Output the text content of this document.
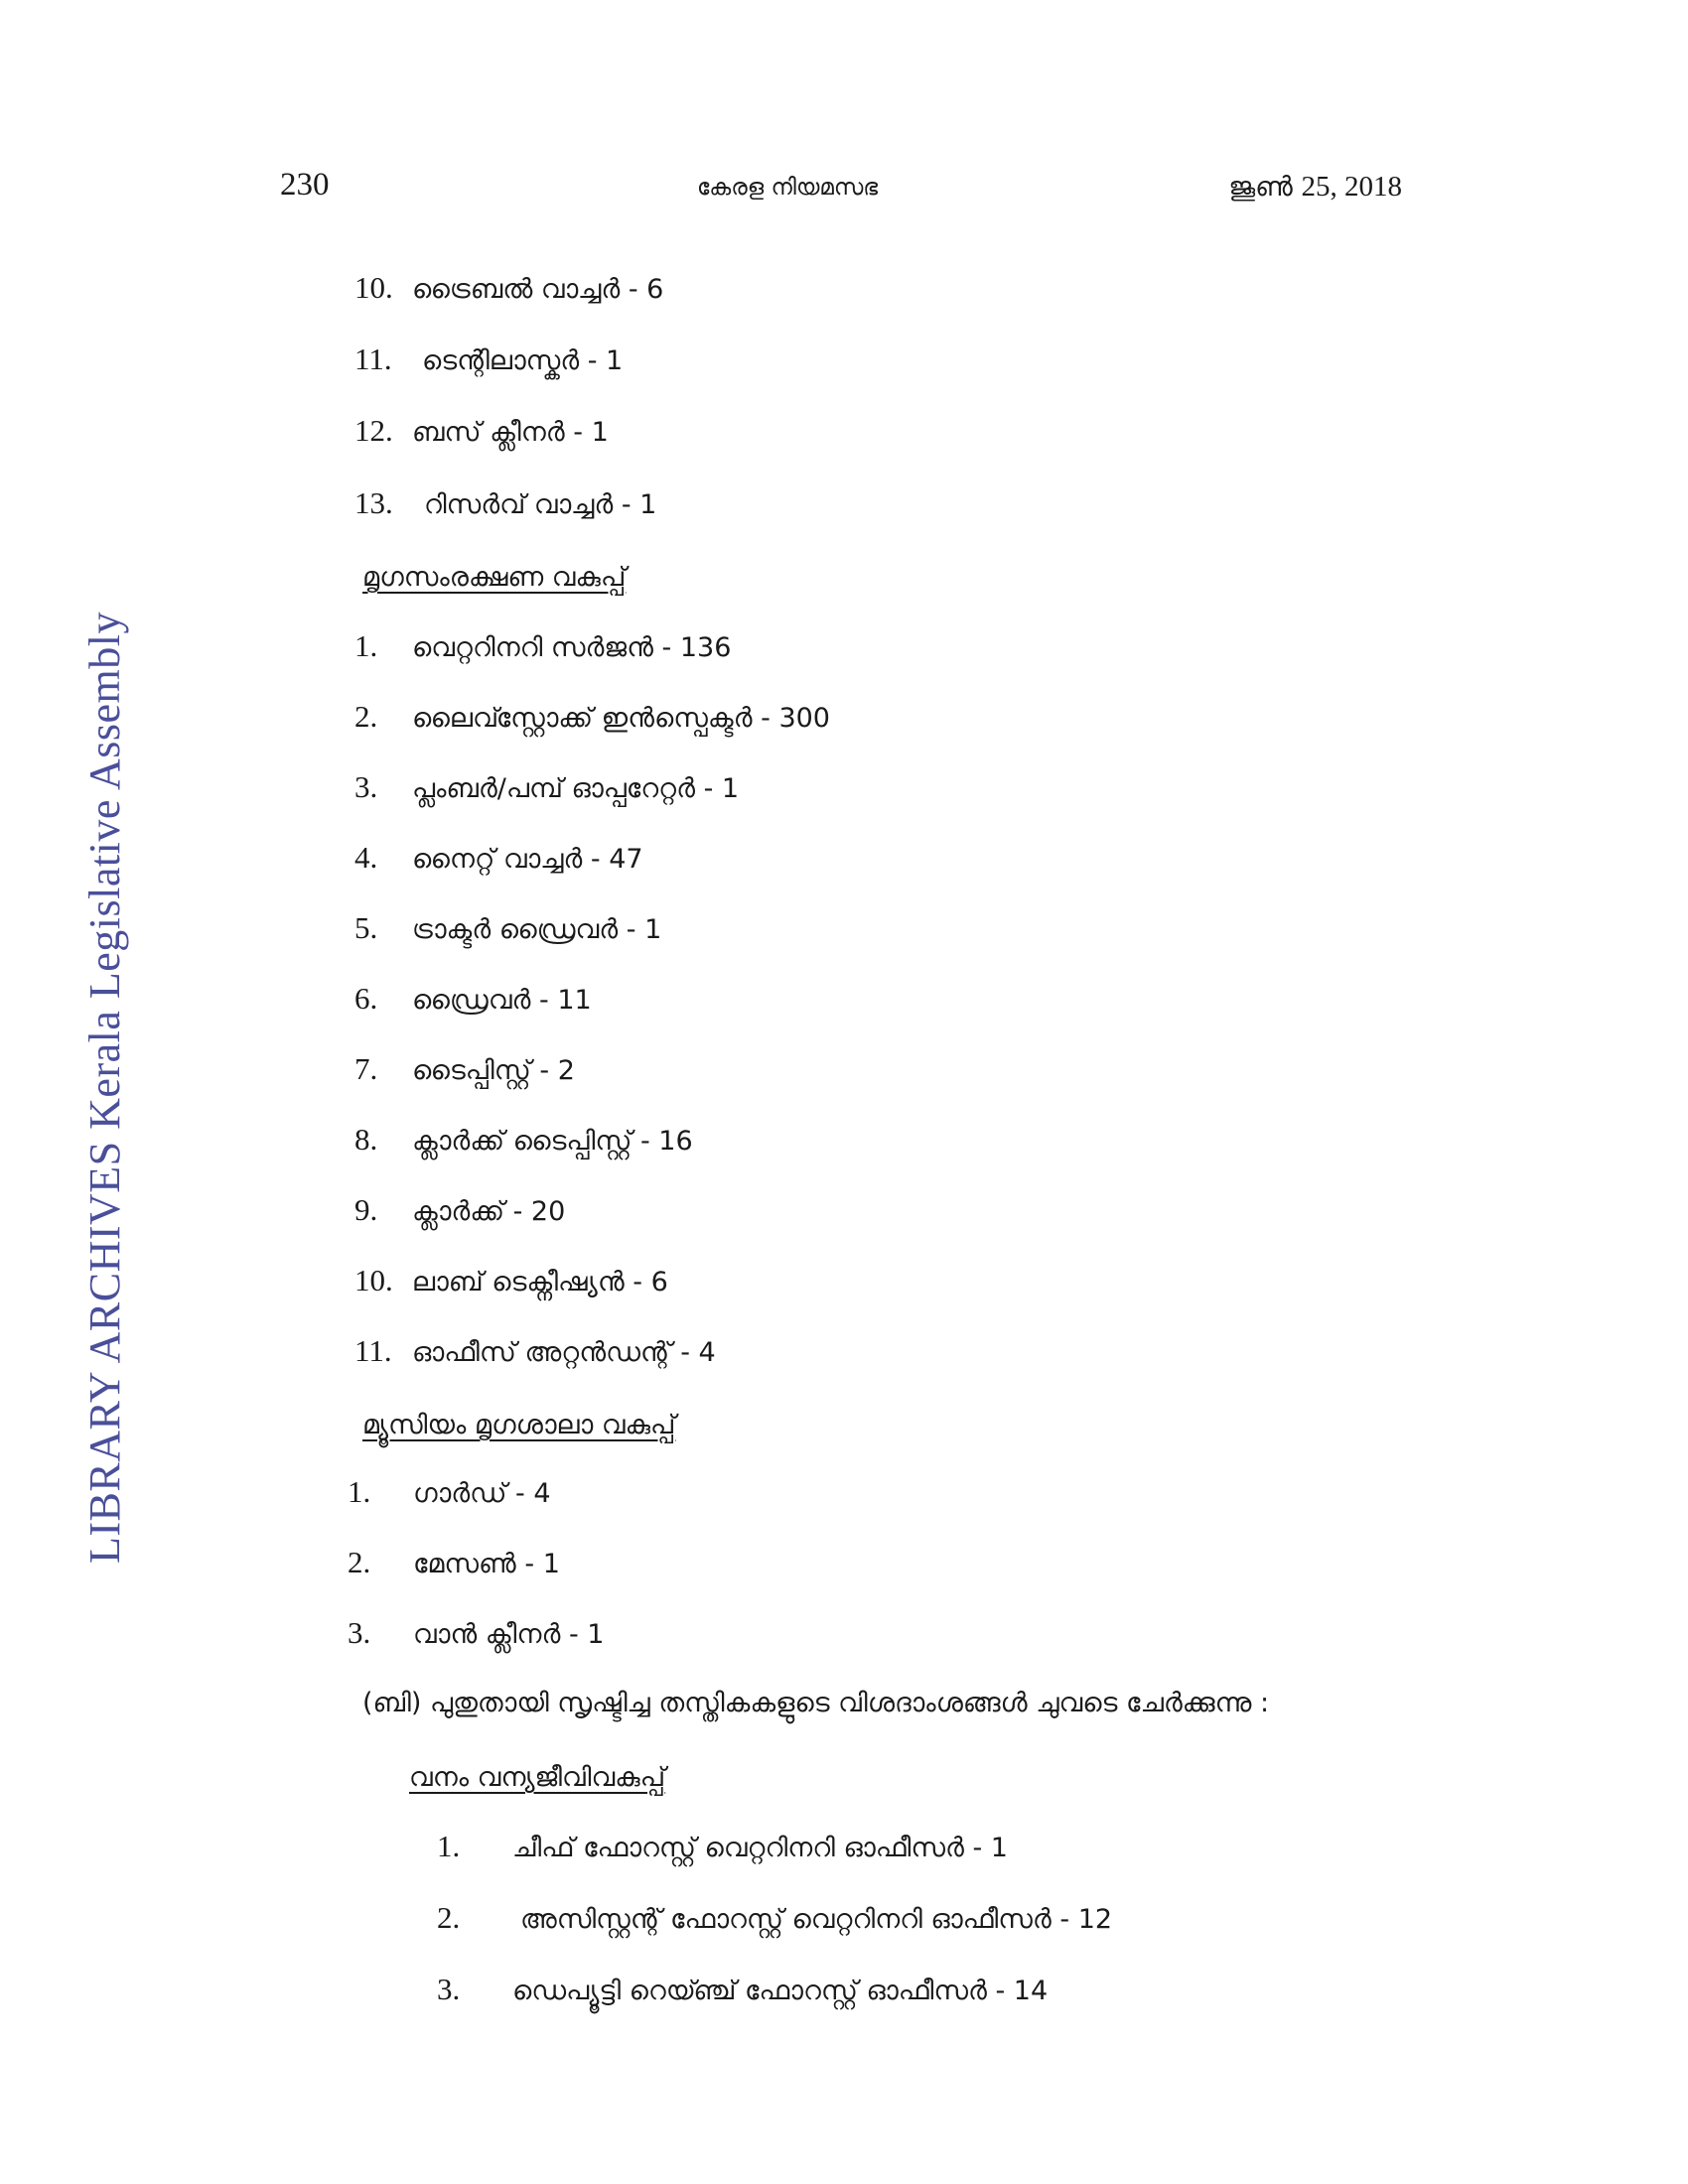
230	കേരള നിയമസഭ	ജൂൺ 25, 2018
LIBRARY ARCHIVES Kerala Legislative Assembly
10. ട്രൈബൽ വാച്ചർ - 6
11.	ടെന്റിലാസ്കർ - 1
12. ബസ് ക്ലീനർ - 1
13.	റിസർവ് വാച്ചർ - 1
മൃഗസംരക്ഷണ വകുപ്പ്
1.	വെറ്ററിനറി സർജൻ - 136
2.	ലൈവ്സ്റ്റോക്ക് ഇൻസ്പെക്ടർ - 300
3.	പ്ലംബർ/പമ്പ് ഓപ്പറേറ്റർ - 1
4.	നൈറ്റ് വാച്ചർ - 47
5.	ട്രാക്ടർ ഡ്രൈവർ - 1
6.	ഡ്രൈവർ - 11
7.	ടൈപ്പിസ്റ്റ് - 2
8.	ക്ലാർക്ക് ടൈപ്പിസ്റ്റ് - 16
9.	ക്ലാർക്ക് - 20
10. ലാബ് ടെക്നീഷ്യൻ - 6
11. ഓഫീസ് അറ്റൻഡന്റ് - 4
മ്യൂസിയം മൃഗശാലാ വകുപ്പ്
1.	ഗാർഡ് - 4
2.	മേസൺ - 1
3.	വാൻ ക്ലീനർ - 1
(ബി) പുതുതായി സൃഷ്ടിച്ച തസ്തികകളുടെ വിശദാംശങ്ങൾ ചുവടെ ചേർക്കുന്നു :
വനം വന്യജീവിവകുപ്പ്
1.	ചീഫ് ഫോറസ്റ്റ് വെറ്ററിനറി ഓഫീസർ - 1
2.	അസിസ്റ്റന്റ് ഫോറസ്റ്റ് വെറ്ററിനറി ഓഫീസർ - 12
3.	ഡെപ്യൂട്ടി റെയ്ഞ്ച് ഫോറസ്റ്റ് ഓഫീസർ - 14
